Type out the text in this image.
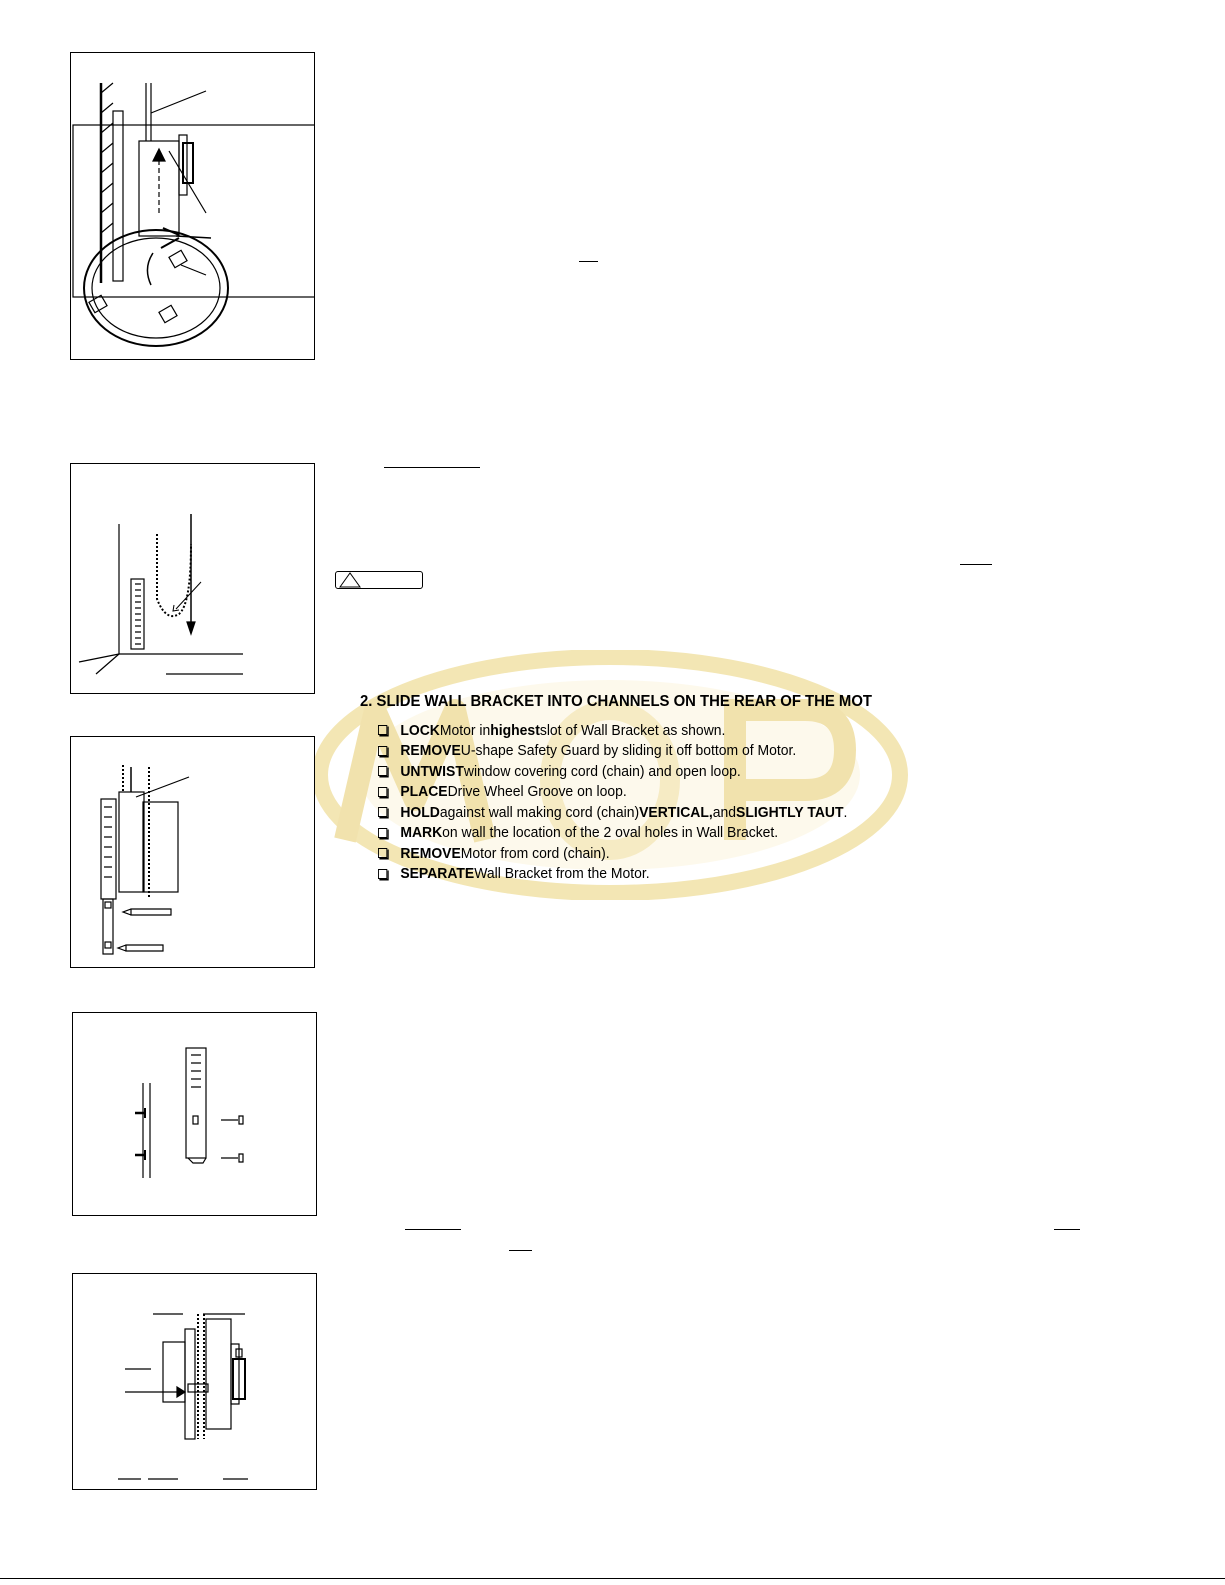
2. SLIDE WALL BRACKET INTO CHANNELS ON THE REAR OF THE MOT
LOCK Motor in highest slot of Wall Bracket as shown.
REMOVE U-shape Safety Guard by sliding it off bottom of Motor.
UNTWIST window covering cord (chain) and open loop.
PLACE Drive Wheel Groove on loop.
HOLD against wall making cord (chain) VERTICAL, and SLIGHTLY TAUT .
MARK on wall the location of the 2 oval holes in Wall Bracket.
REMOVE Motor from cord (chain).
SEPARATE Wall Bracket from the Motor.
